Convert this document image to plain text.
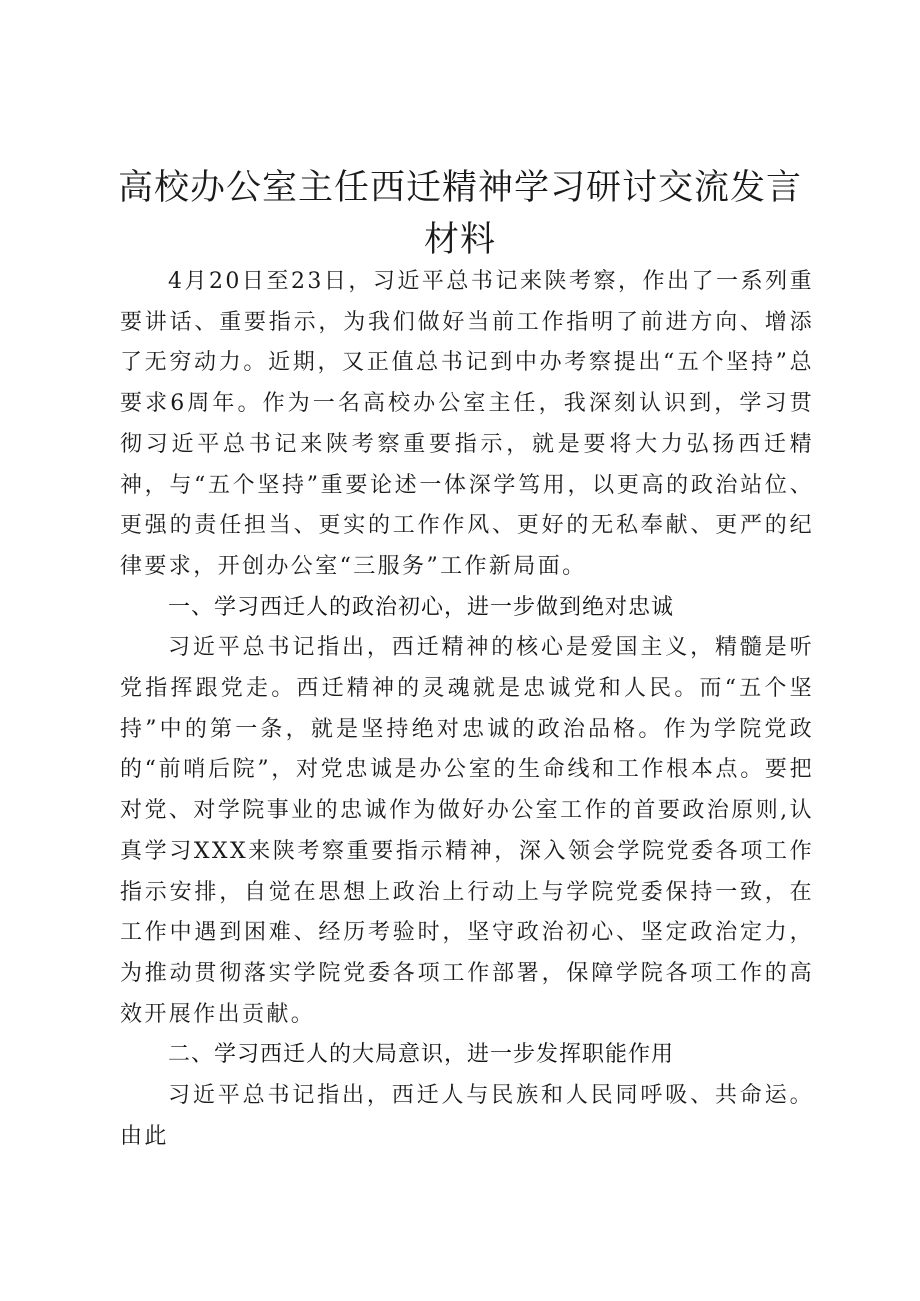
高校办公室主任西迁精神学习研讨交流发言材料

4月20日至23日，习近平总书记来陕考察，作出了一系列重要讲话、重要指示，为我们做好当前工作指明了前进方向、增添了无穷动力。近期，又正值总书记到中办考察提出“五个坚持”总要求6周年。作为一名高校办公室主任，我深刻认识到，学习贯彻习近平总书记来陕考察重要指示，就是要将大力弘扬西迁精神，与“五个坚持”重要论述一体深学笃用，以更高的政治站位、更强的责任担当、更实的工作作风、更好的无私奉献、更严的纪律要求，开创办公室“三服务”工作新局面。

一、学习西迁人的政治初心，进一步做到绝对忠诚

习近平总书记指出，西迁精神的核心是爱国主义，精髓是听党指挥跟党走。西迁精神的灵魂就是忠诚党和人民。而“五个坚持”中的第一条，就是坚持绝对忠诚的政治品格。作为学院党政的“前哨后院”，对党忠诚是办公室的生命线和工作根本点。要把对党、对学院事业的忠诚作为做好办公室工作的首要政治原则,认真学习XXX来陕考察重要指示精神，深入领会学院党委各项工作指示安排，自觉在思想上政治上行动上与学院党委保持一致，在工作中遇到困难、经历考验时，坚守政治初心、坚定政治定力，为推动贯彻落实学院党委各项工作部署，保障学院各项工作的高效开展作出贡献。

二、学习西迁人的大局意识，进一步发挥职能作用

习近平总书记指出，西迁人与民族和人民同呼吸、共命运。由此
